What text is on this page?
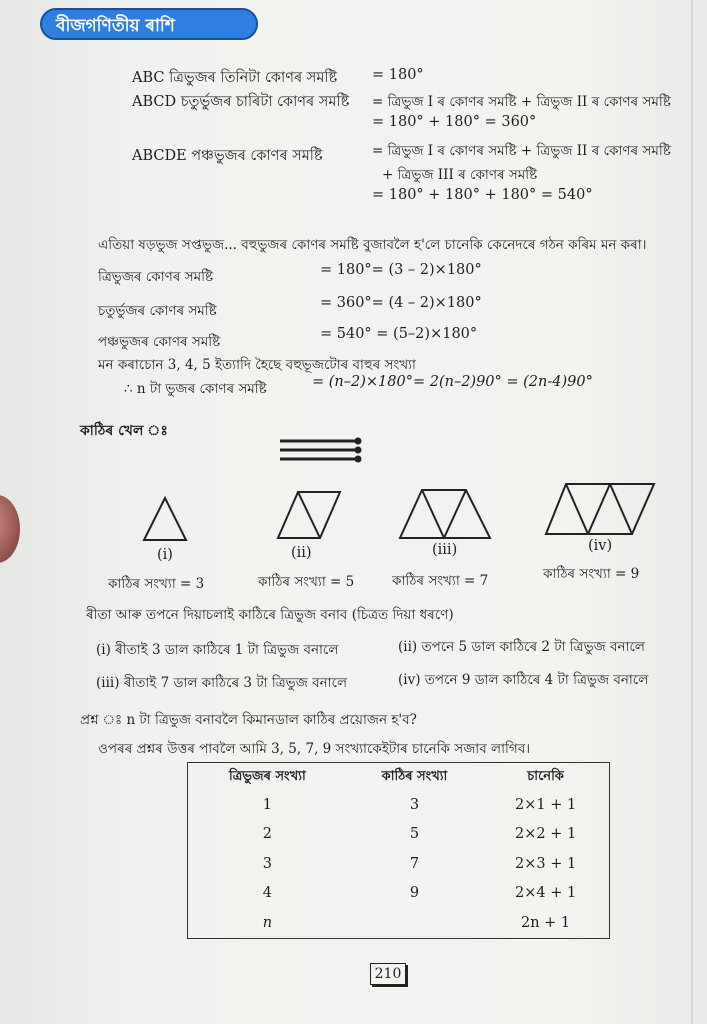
বীজগণিতীয় ৰাশি
ABC ত্ৰিভুজৰ তিনিটা কোণৰ সমষ্টি = 180°
ABCD চতুৰ্ভুজৰ চাৰিটা কোণৰ সমষ্টি = ত্ৰিভুজ I ৰ কোণৰ সমষ্টি + ত্ৰিভুজ II ৰ কোণৰ সমষ্টি
= 180° + 180° = 360°
ABCDE পঞ্চভুজৰ কোণৰ সমষ্টি	= ত্ৰিভুজ I ৰ কোণৰ সমষ্টি + ত্ৰিভুজ II ৰ কোণৰ সমষ্টি
+ ত্ৰিভুজ III ৰ কোণৰ সমষ্টি
= 180° + 180° + 180° = 540°
এতিয়া ষড়ভুজ সপ্তভুজ... বহুভুজৰ কোণৰ সমষ্টি বুজাবলৈ হ'লে চানেকি কেনেদৰে গঠন কৰিম মন কৰা।
ত্ৰিভুজৰ কোণৰ সমষ্টি	= 180°= (3 – 2)×180°
চতুৰ্ভুজৰ কোণৰ সমষ্টি	= 360°= (4 – 2)×180°
পঞ্চভুজৰ কোণৰ সমষ্টি	= 540° = (5–2)×180°
মন কৰাচোন 3, 4, 5 ইত্যাদি হৈছে বহুভূজটোৰ বাহুৰ সংখ্যা
∴ n টা ভুজৰ কোণৰ সমষ্টি	= (n–2)×180°= 2(n–2)90° = (2n-4)90°
কাঠিৰ খেল ঃ
(i)	(ii)	(iii)	(iv)
কাঠিৰ সংখ্যা = 3	কাঠিৰ সংখ্যা = 5	কাঠিৰ সংখ্যা = 7	কাঠিৰ সংখ্যা = 9
ৰীতা আৰু তপনে দিয়াচলাই কাঠিৰে ত্ৰিভুজ বনাব (চিত্ৰত দিয়া ধৰণে)
(i) ৰীতাই 3 ডাল কাঠিৰে 1 টা ত্ৰিভুজ বনালে	(ii) তপনে 5 ডাল কাঠিৰে 2 টা ত্ৰিভুজ বনালে
(iii) ৰীতাই 7 ডাল কাঠিৰে 3 টা ত্ৰিভুজ বনালে	(iv) তপনে 9 ডাল কাঠিৰে 4 টা ত্ৰিভুজ বনালে
প্ৰশ্ন ঃ n টা ত্ৰিভুজ বনাবলৈ কিমানডাল কাঠিৰ প্ৰয়োজন হ'ব?
ওপৰৰ প্ৰশ্নৰ উত্তৰ পাবলৈ আমি 3, 5, 7, 9 সংখ্যাকেইটাৰ চানেকি সজাব লাগিব।
ত্ৰিভুজৰ সংখ্যা	কাঠিৰ সংখ্যা	চানেকি
1	3	2×1 + 1
2	5	2×2 + 1
3	7	2×3 + 1
4	9	2×4 + 1
n		2n + 1
210
